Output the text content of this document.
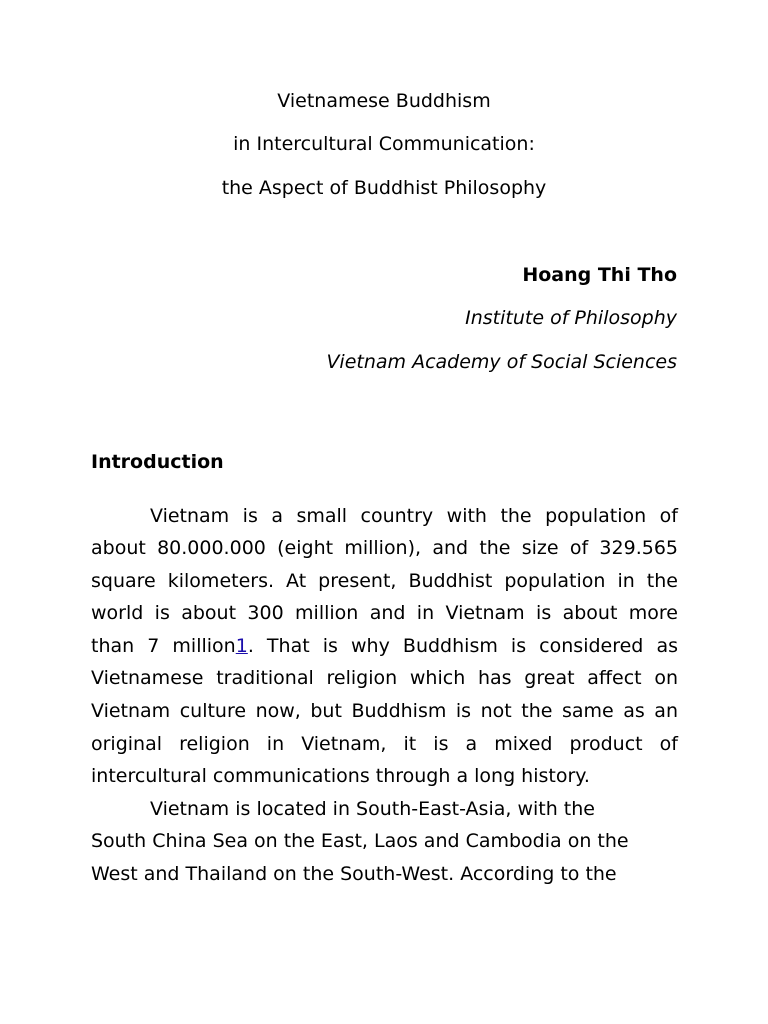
Vietnamese Buddhism
in Intercultural Communication:
the Aspect of Buddhist Philosophy
Hoang Thi Tho
Institute of Philosophy
Vietnam Academy of Social Sciences
Introduction
Vietnam is a small country with the population of
about 80.000.000 (eight million), and the size of 329.565
square kilometers. At present, Buddhist population in the
world is about 300 million and in Vietnam is about more
than 7 million1. That is why Buddhism is considered as
Vietnamese traditional religion which has great affect on
Vietnam culture now, but Buddhism is not the same as an
original religion in Vietnam, it is a mixed product of
intercultural communications through a long history.
Vietnam is located in South-East-Asia, with the
South China Sea on the East, Laos and Cambodia on the
West and Thailand on the South-West. According to the
